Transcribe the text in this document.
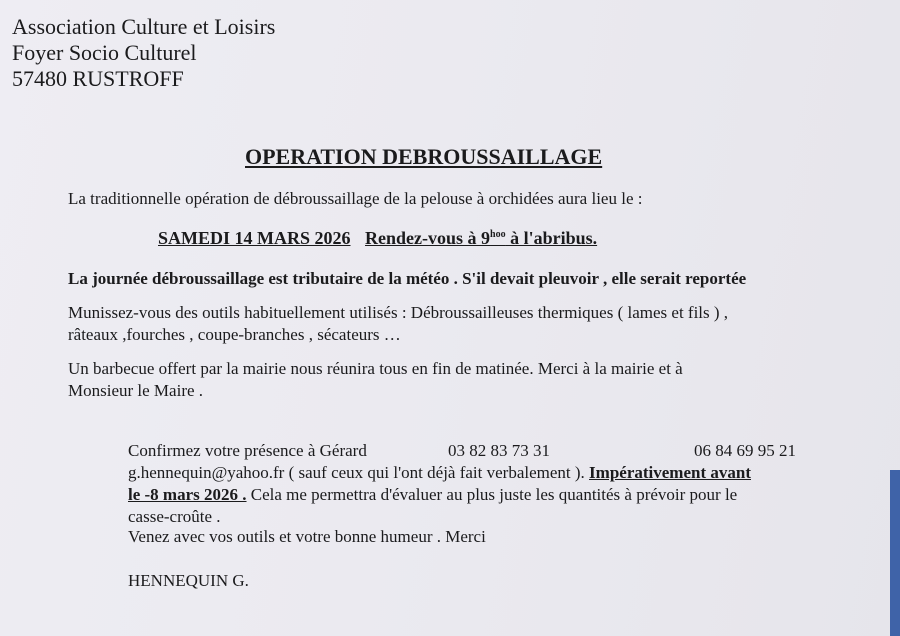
Association Culture et Loisirs
Foyer Socio Culturel
57480 RUSTROFF
OPERATION DEBROUSSAILLAGE
La traditionnelle opération de débroussaillage de la pelouse à orchidées aura lieu le :
SAMEDI 14 MARS 2026 Rendez-vous à $9^{hoo}$ à l'abribus.
La journée débroussaillage est tributaire de la météo . S'il devait pleuvoir , elle serait reportée
Munissez-vous des outils habituellement utilisés : Débroussailleuses thermiques ( lames et fils ) ,
râteaux ,fourches , coupe-branches , sécateurs …
Un barbecue offert par la mairie nous réunira tous en fin de matinée. Merci à la mairie et à
Monsieur le Maire .
Confirmez votre présence à Gérard	03 82 83 73 31	06 84 69 95 21
g.hennequin@yahoo.fr ( sauf ceux qui l'ont déjà fait verbalement ). Impérativement avant
le -8 mars 2026 . Cela me permettra d'évaluer au plus juste les quantités à prévoir pour le
casse-croûte .
Venez avec vos outils et votre bonne humeur . Merci
HENNEQUIN G.
